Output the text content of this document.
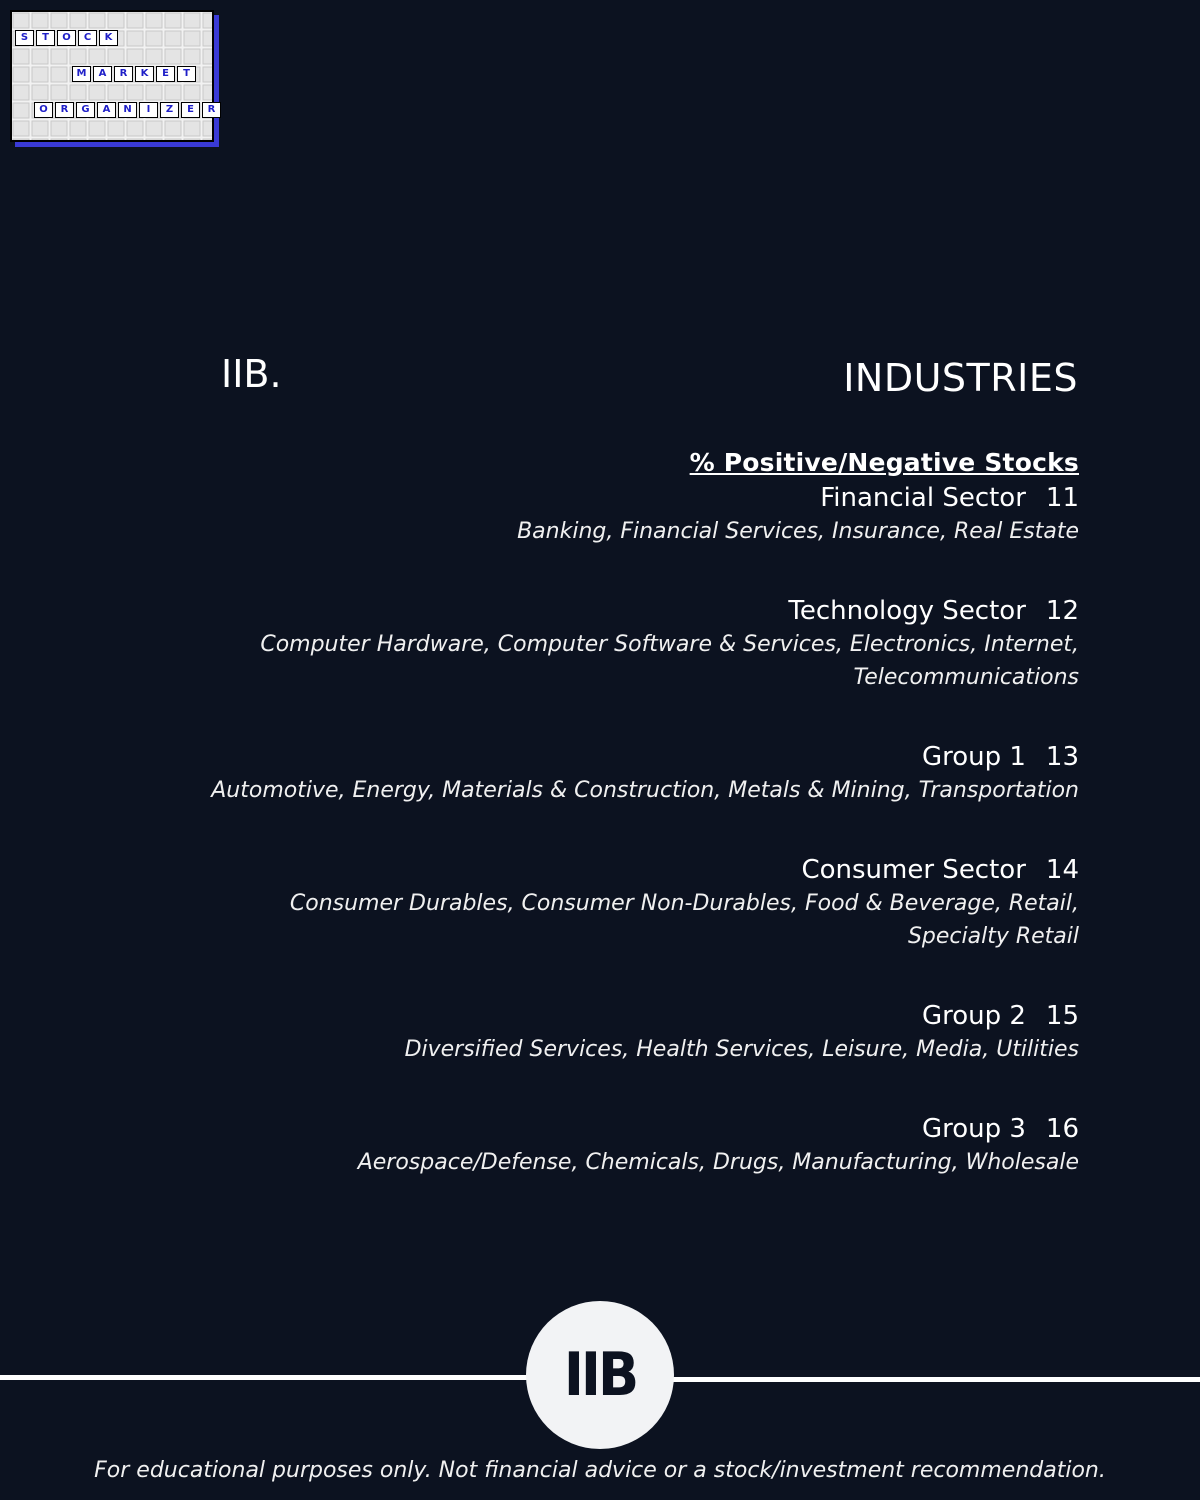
S	T	O	C	K
M	A	R	K	E	T
O	R	G	A	N	I	Z	E	R
IIB.	INDUSTRIES
% Positive/Negative Stocks
Financial Sector 11
Banking, Financial Services, Insurance, Real Estate
Technology Sector 12
Computer Hardware, Computer Software & Services, Electronics, Internet,
Telecommunications
Group 1 13
Automotive, Energy, Materials & Construction, Metals & Mining, Transportation
Consumer Sector 14
Consumer Durables, Consumer Non-Durables, Food & Beverage, Retail,
Specialty Retail
Group 2 15
Diversified Services, Health Services, Leisure, Media, Utilities
Group 3 16
Aerospace/Defense, Chemicals, Drugs, Manufacturing, Wholesale
IIB
For educational purposes only. Not financial advice or a stock/investment recommendation.
